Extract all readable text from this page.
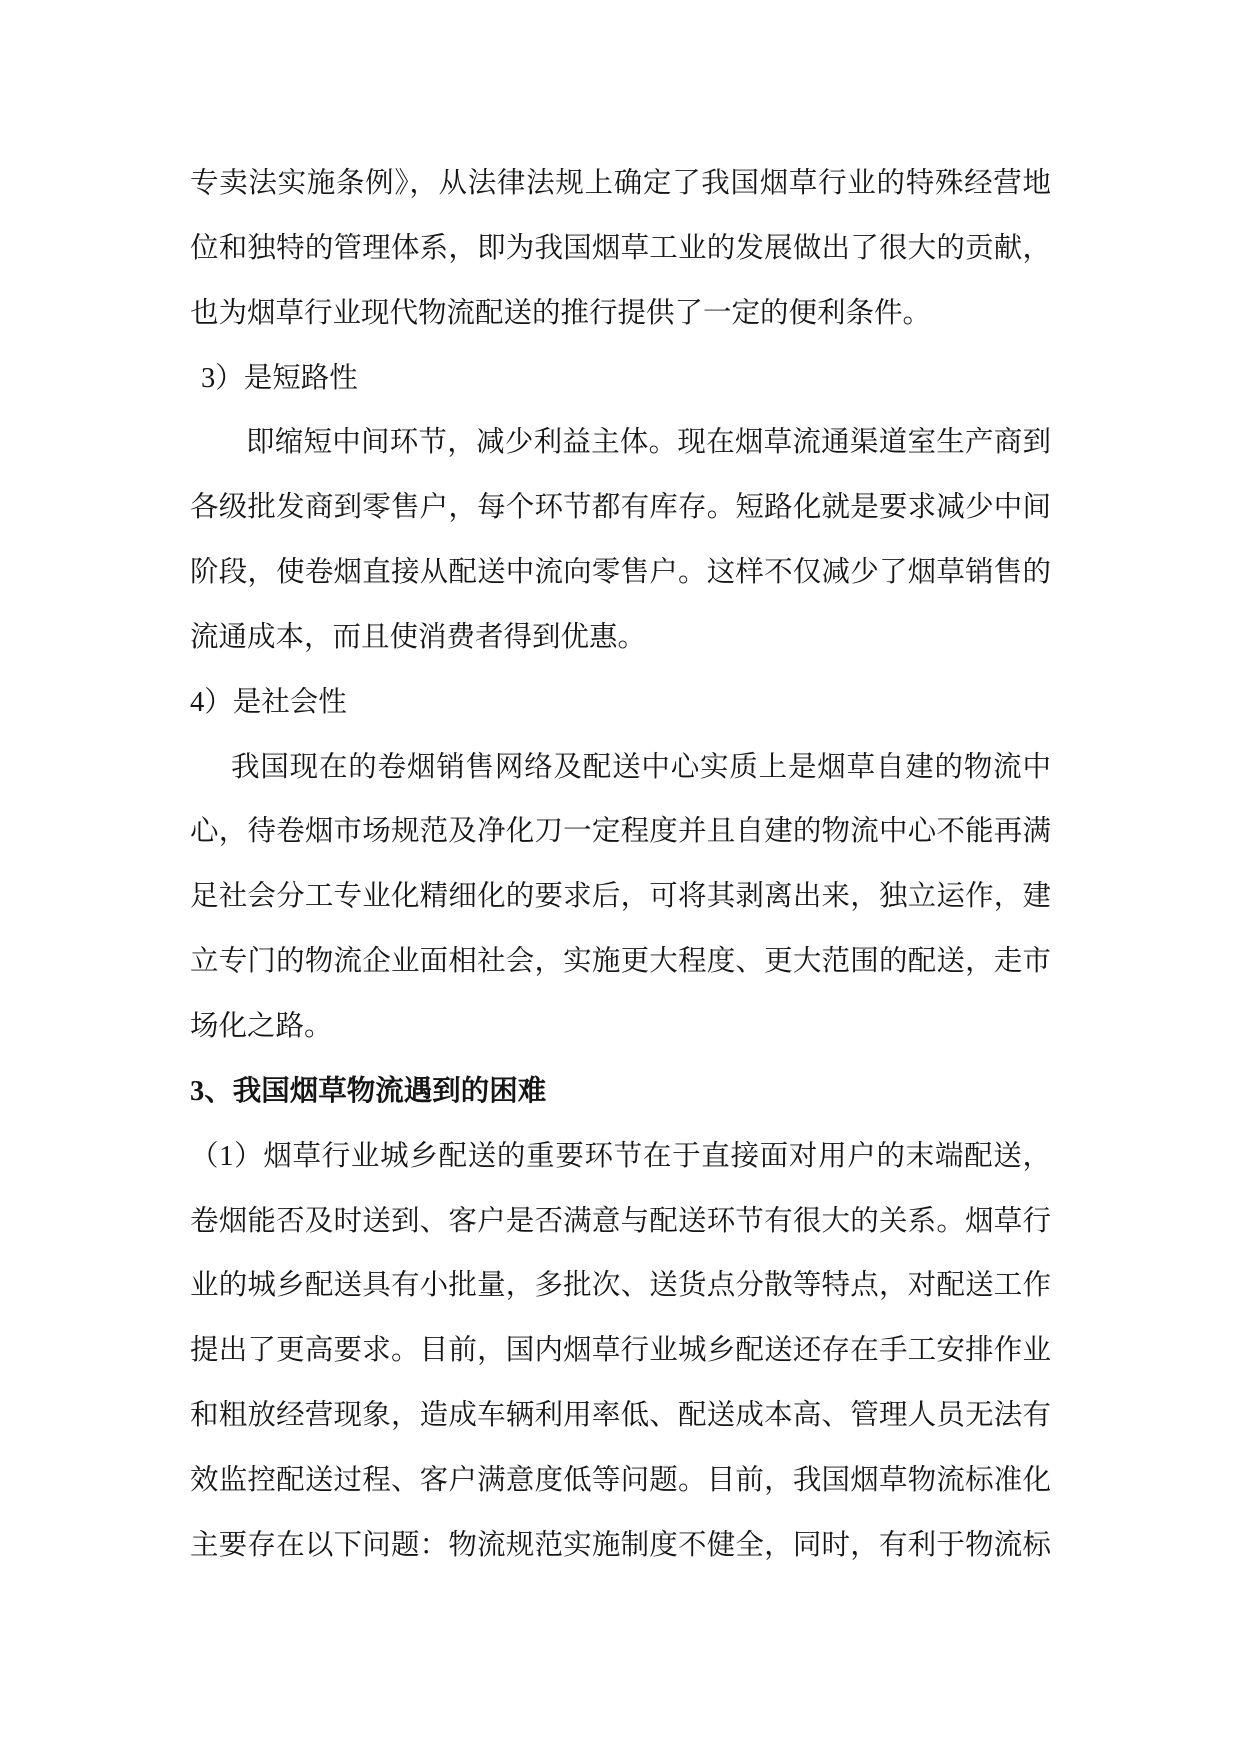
专卖法实施条例》，从法律法规上确定了我国烟草行业的特殊经营地
位和独特的管理体系，即为我国烟草工业的发展做出了很大的贡献，
也为烟草行业现代物流配送的推行提供了一定的便利条件。
3）是短路性
即缩短中间环节，减少利益主体。现在烟草流通渠道室生产商到
各级批发商到零售户，每个环节都有库存。短路化就是要求减少中间
阶段，使卷烟直接从配送中流向零售户。这样不仅减少了烟草销售的
流通成本，而且使消费者得到优惠。
4）是社会性
我国现在的卷烟销售网络及配送中心实质上是烟草自建的物流中
心，待卷烟市场规范及净化刀一定程度并且自建的物流中心不能再满
足社会分工专业化精细化的要求后，可将其剥离出来，独立运作，建
立专门的物流企业面相社会，实施更大程度、更大范围的配送，走市
场化之路。
3、我国烟草物流遇到的困难
（1）烟草行业城乡配送的重要环节在于直接面对用户的末端配送，
卷烟能否及时送到、客户是否满意与配送环节有很大的关系。烟草行
业的城乡配送具有小批量，多批次、送货点分散等特点，对配送工作
提出了更高要求。目前，国内烟草行业城乡配送还存在手工安排作业
和粗放经营现象，造成车辆利用率低、配送成本高、管理人员无法有
效监控配送过程、客户满意度低等问题。目前，我国烟草物流标准化
主要存在以下问题：物流规范实施制度不健全，同时，有利于物流标
